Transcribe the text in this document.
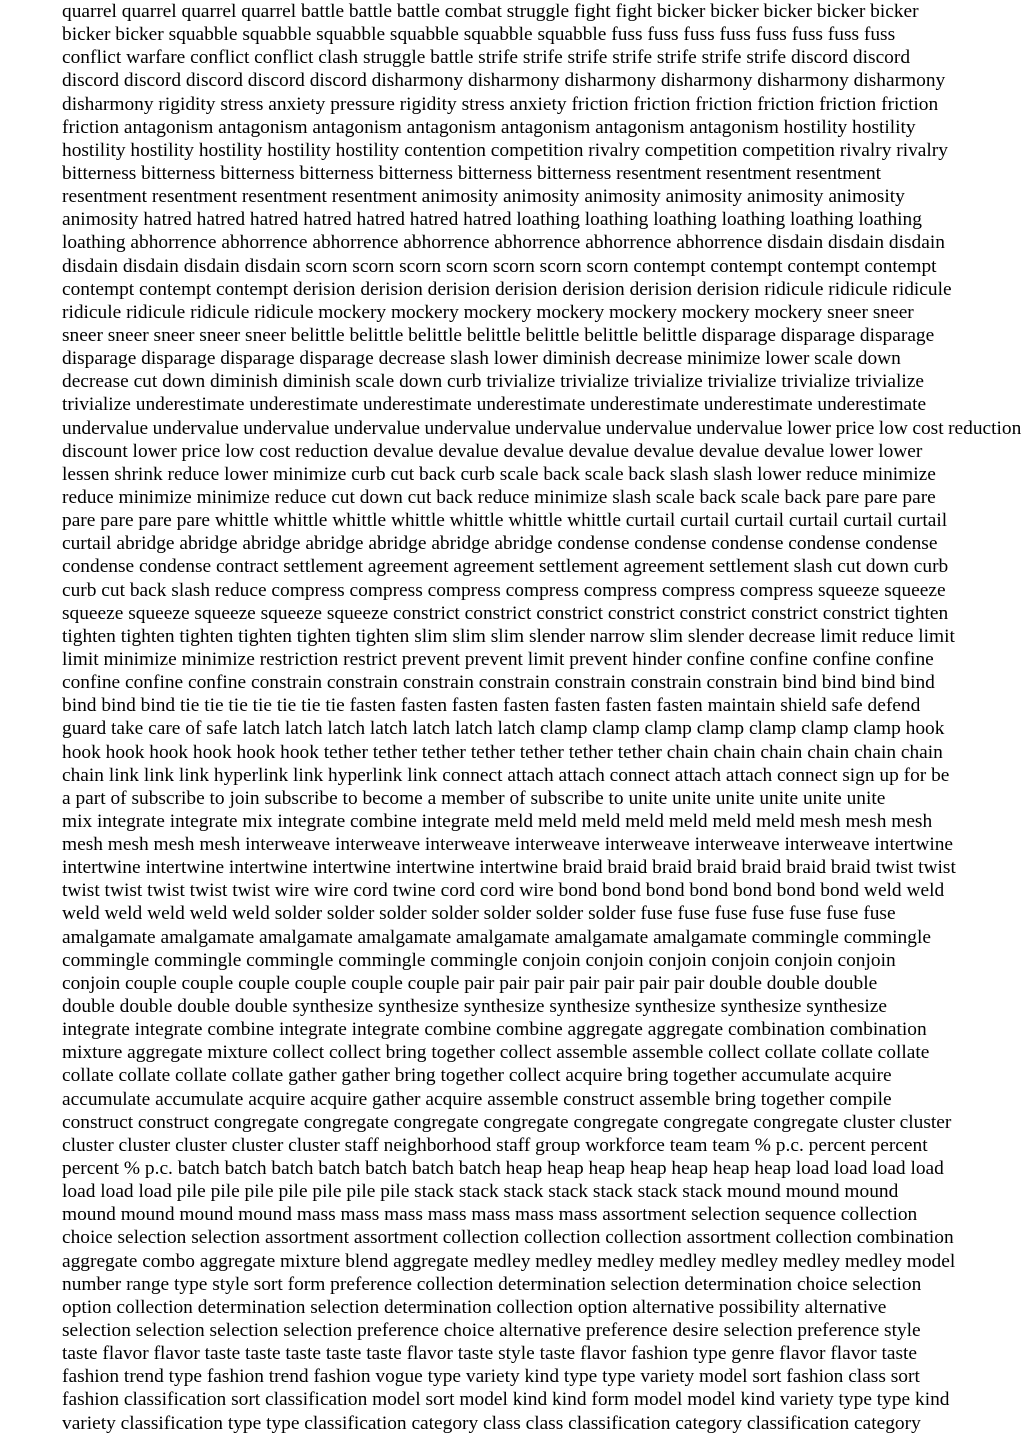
quarrel quarrel quarrel quarrel battle battle battle combat struggle fight fight bicker bicker bicker bicker bicker
bicker bicker squabble squabble squabble squabble squabble squabble fuss fuss fuss fuss fuss fuss fuss fuss
conflict warfare conflict conflict clash struggle battle strife strife strife strife strife strife strife discord discord
discord discord discord discord discord disharmony disharmony disharmony disharmony disharmony disharmony
disharmony rigidity stress anxiety pressure rigidity stress anxiety friction friction friction friction friction friction
friction antagonism antagonism antagonism antagonism antagonism antagonism antagonism hostility hostility
hostility hostility hostility hostility hostility contention competition rivalry competition competition rivalry rivalry
bitterness bitterness bitterness bitterness bitterness bitterness bitterness resentment resentment resentment
resentment resentment resentment resentment animosity animosity animosity animosity animosity animosity
animosity hatred hatred hatred hatred hatred hatred hatred loathing loathing loathing loathing loathing loathing
loathing abhorrence abhorrence abhorrence abhorrence abhorrence abhorrence abhorrence disdain disdain disdain
disdain disdain disdain disdain scorn scorn scorn scorn scorn scorn scorn contempt contempt contempt contempt
contempt contempt contempt derision derision derision derision derision derision derision ridicule ridicule ridicule
ridicule ridicule ridicule ridicule mockery mockery mockery mockery mockery mockery mockery sneer sneer
sneer sneer sneer sneer sneer belittle belittle belittle belittle belittle belittle belittle disparage disparage disparage
disparage disparage disparage disparage decrease slash lower diminish decrease minimize lower scale down
decrease cut down diminish diminish scale down curb trivialize trivialize trivialize trivialize trivialize trivialize
trivialize underestimate underestimate underestimate underestimate underestimate underestimate underestimate
undervalue undervalue undervalue undervalue undervalue undervalue undervalue undervalue lower price low cost reduction
discount lower price low cost reduction devalue devalue devalue devalue devalue devalue devalue lower lower
lessen shrink reduce lower minimize curb cut back curb scale back scale back slash slash lower reduce minimize
reduce minimize minimize reduce cut down cut back reduce minimize slash scale back scale back pare pare pare
pare pare pare pare whittle whittle whittle whittle whittle whittle whittle curtail curtail curtail curtail curtail curtail
curtail abridge abridge abridge abridge abridge abridge abridge condense condense condense condense condense
condense condense contract settlement agreement agreement settlement agreement settlement slash cut down curb
curb cut back slash reduce compress compress compress compress compress compress compress squeeze squeeze
squeeze squeeze squeeze squeeze squeeze constrict constrict constrict constrict constrict constrict constrict tighten
tighten tighten tighten tighten tighten tighten slim slim slim slender narrow slim slender decrease limit reduce limit
limit minimize minimize restriction restrict prevent prevent limit prevent hinder confine confine confine confine
confine confine confine constrain constrain constrain constrain constrain constrain constrain bind bind bind bind
bind bind bind tie tie tie tie tie tie tie fasten fasten fasten fasten fasten fasten fasten maintain shield safe defend
guard take care of safe latch latch latch latch latch latch latch clamp clamp clamp clamp clamp clamp clamp hook
hook hook hook hook hook hook tether tether tether tether tether tether tether chain chain chain chain chain chain
chain link link link hyperlink link hyperlink link connect attach attach connect attach attach connect sign up for be
a part of subscribe to join subscribe to become a member of subscribe to unite unite unite unite unite unite
mix integrate integrate mix integrate combine integrate meld meld meld meld meld meld meld mesh mesh mesh
mesh mesh mesh mesh interweave interweave interweave interweave interweave interweave interweave intertwine
intertwine intertwine intertwine intertwine intertwine intertwine braid braid braid braid braid braid braid twist twist
twist twist twist twist twist wire wire cord twine cord cord wire bond bond bond bond bond bond bond weld weld
weld weld weld weld weld solder solder solder solder solder solder solder fuse fuse fuse fuse fuse fuse fuse
amalgamate amalgamate amalgamate amalgamate amalgamate amalgamate amalgamate commingle commingle
commingle commingle commingle commingle commingle conjoin conjoin conjoin conjoin conjoin conjoin
conjoin couple couple couple couple couple couple pair pair pair pair pair pair pair double double double
double double double double synthesize synthesize synthesize synthesize synthesize synthesize synthesize
integrate integrate combine integrate integrate combine combine aggregate aggregate combination combination
mixture aggregate mixture collect collect bring together collect assemble assemble collect collate collate collate
collate collate collate collate gather gather bring together collect acquire bring together accumulate acquire
accumulate accumulate acquire acquire gather acquire assemble construct assemble bring together compile
construct construct congregate congregate congregate congregate congregate congregate congregate cluster cluster
cluster cluster cluster cluster cluster staff neighborhood staff group workforce team team % p.c. percent percent
percent % p.c. batch batch batch batch batch batch batch heap heap heap heap heap heap heap load load load load
load load load pile pile pile pile pile pile pile stack stack stack stack stack stack stack mound mound mound
mound mound mound mound mass mass mass mass mass mass mass assortment selection sequence collection
choice selection selection assortment assortment collection collection collection assortment collection combination
aggregate combo aggregate mixture blend aggregate medley medley medley medley medley medley medley model
number range type style sort form preference collection determination selection determination choice selection
option collection determination selection determination collection option alternative possibility alternative
selection selection selection selection preference choice alternative preference desire selection preference style
taste flavor flavor taste taste taste taste taste flavor taste style taste flavor fashion type genre flavor flavor taste
fashion trend type fashion trend fashion vogue type variety kind type type variety model sort fashion class sort
fashion classification sort classification model sort model kind kind form model model kind variety type type kind
variety classification type type classification category class class classification category classification category
